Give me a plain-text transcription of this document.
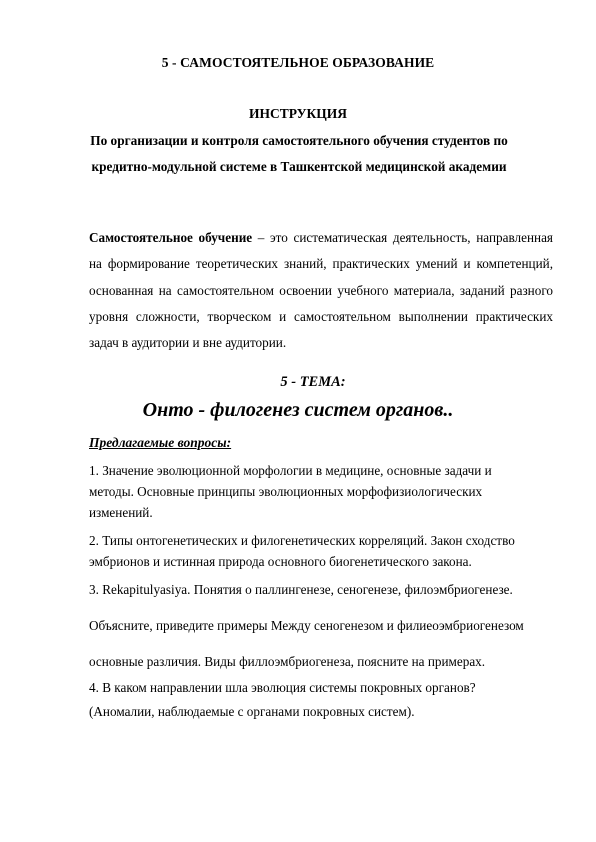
5 - САМОСТОЯТЕЛЬНОЕ ОБРАЗОВАНИЕ
ИНСТРУКЦИЯ
По организации и контроля самостоятельного обучения студентов по
кредитно-модульной системе в Ташкентской медицинской академии

Самостоятельное обучение – это систематическая деятельность, направленная на формирование теоретических знаний, практических умений и компетенций, основанная на самостоятельном освоении учебного материала, заданий разного уровня сложности, творческом и самостоятельном выполнении практических задач в аудитории и вне аудитории.

5 - ТЕМА:
Онто - филогенез систем органов..
Предлагаемые вопросы:
1. Значение эволюционной морфологии в медицине, основные задачи и
методы. Основные принципы эволюционных морфофизиологических
изменений.
2. Типы онтогенетических и филогенетических корреляций. Закон сходство
эмбрионов и истинная природа основного биогенетического закона.
3. Rekapitulyasiya. Понятия о паллингенезе, сеногенезе, филоэмбриогенезе.
Объясните, приведите примеры Между сеногенезом и филиеоэмбриогенезом
основные различия. Виды филлоэмбриогенеза, поясните на примерах.
4. В каком направлении шла эволюция системы покровных органов?
(Аномалии, наблюдаемые с органами покровных систем).
